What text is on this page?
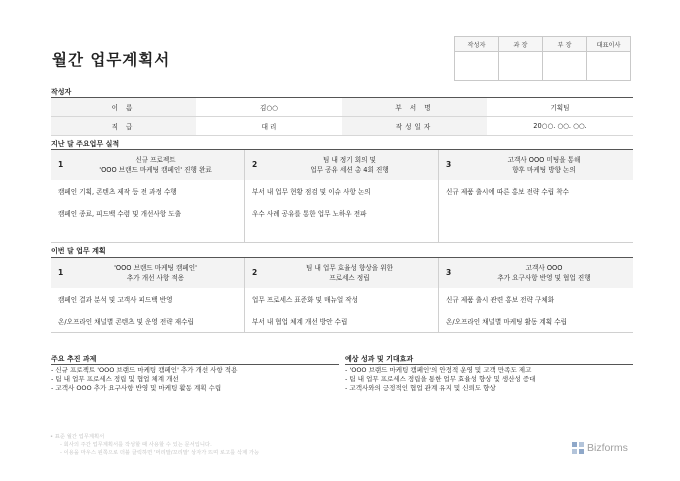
월간 업무계획서
작성자	과 장	부 장	대표이사

작성자
이 름	김○○	부 서 명	기획팀
직 급	대 리	작성일자	20○○. ○○. ○○.
지난 달 주요업무 실적
1	신규 프로젝트
'OOO 브랜드 마케팅 캠페인' 진행 완료
캠페인 기획, 콘텐츠 제작 등 전 과정 수행
캠페인 종료, 피드백 수렴 및 개선사항 도출
2	팀 내 정기 회의 및
업무 공유 세션 총 4회 진행
부서 내 업무 현황 점검 및 이슈 사항 논의
우수 사례 공유를 통한 업무 노하우 전파
3	고객사 OOO 미팅을 통해
향후 마케팅 방향 논의
신규 제품 출시에 따른 홍보 전략 수립 착수
이번 달 업무 계획
1	'OOO 브랜드 마케팅 캠페인'
추가 개선 사항 적용
캠페인 결과 분석 및 고객사 피드백 반영
온/오프라인 채널별 콘텐츠 및 운영 전략 재수립
2	팀 내 업무 효율성 향상을 위한
프로세스 정립
업무 프로세스 표준화 및 매뉴얼 작성
부서 내 협업 체계 개선 방안 수립
3	고객사 OOO
추가 요구사항 반영 및 협업 진행
신규 제품 출시 관련 홍보 전략 구체화
온/오프라인 채널별 마케팅 활동 계획 수립
주요 추진 과제	예상 성과 및 기대효과
- 신규 프로젝트 'OOO 브랜드 마케팅 캠페인' 추가 개선 사항 적용
- 팀 내 업무 프로세스 정립 및 협업 체계 개선
- 고객사 OOO 추가 요구사항 반영 및 마케팅 활동 계획 수립
- 'OOO 브랜드 마케팅 캠페인'의 안정적 운영 및 고객 만족도 제고
- 팀 내 업무 프로세스 정립을 통한 업무 효율성 향상 및 생산성 증대
- 고객사와의 긍정적인 협업 관계 유지 및 신뢰도 향상
• 표준 월간 업무계획서
- 회사의 주간 업무계획서를 작성할 때 사용할 수 있는 문서입니다.
- 이용을 마우스 왼쪽으로 더블 클릭하면 '머리말/꼬리말' 상자가 뜨며 로고를 삭제 가능	Bizforms
